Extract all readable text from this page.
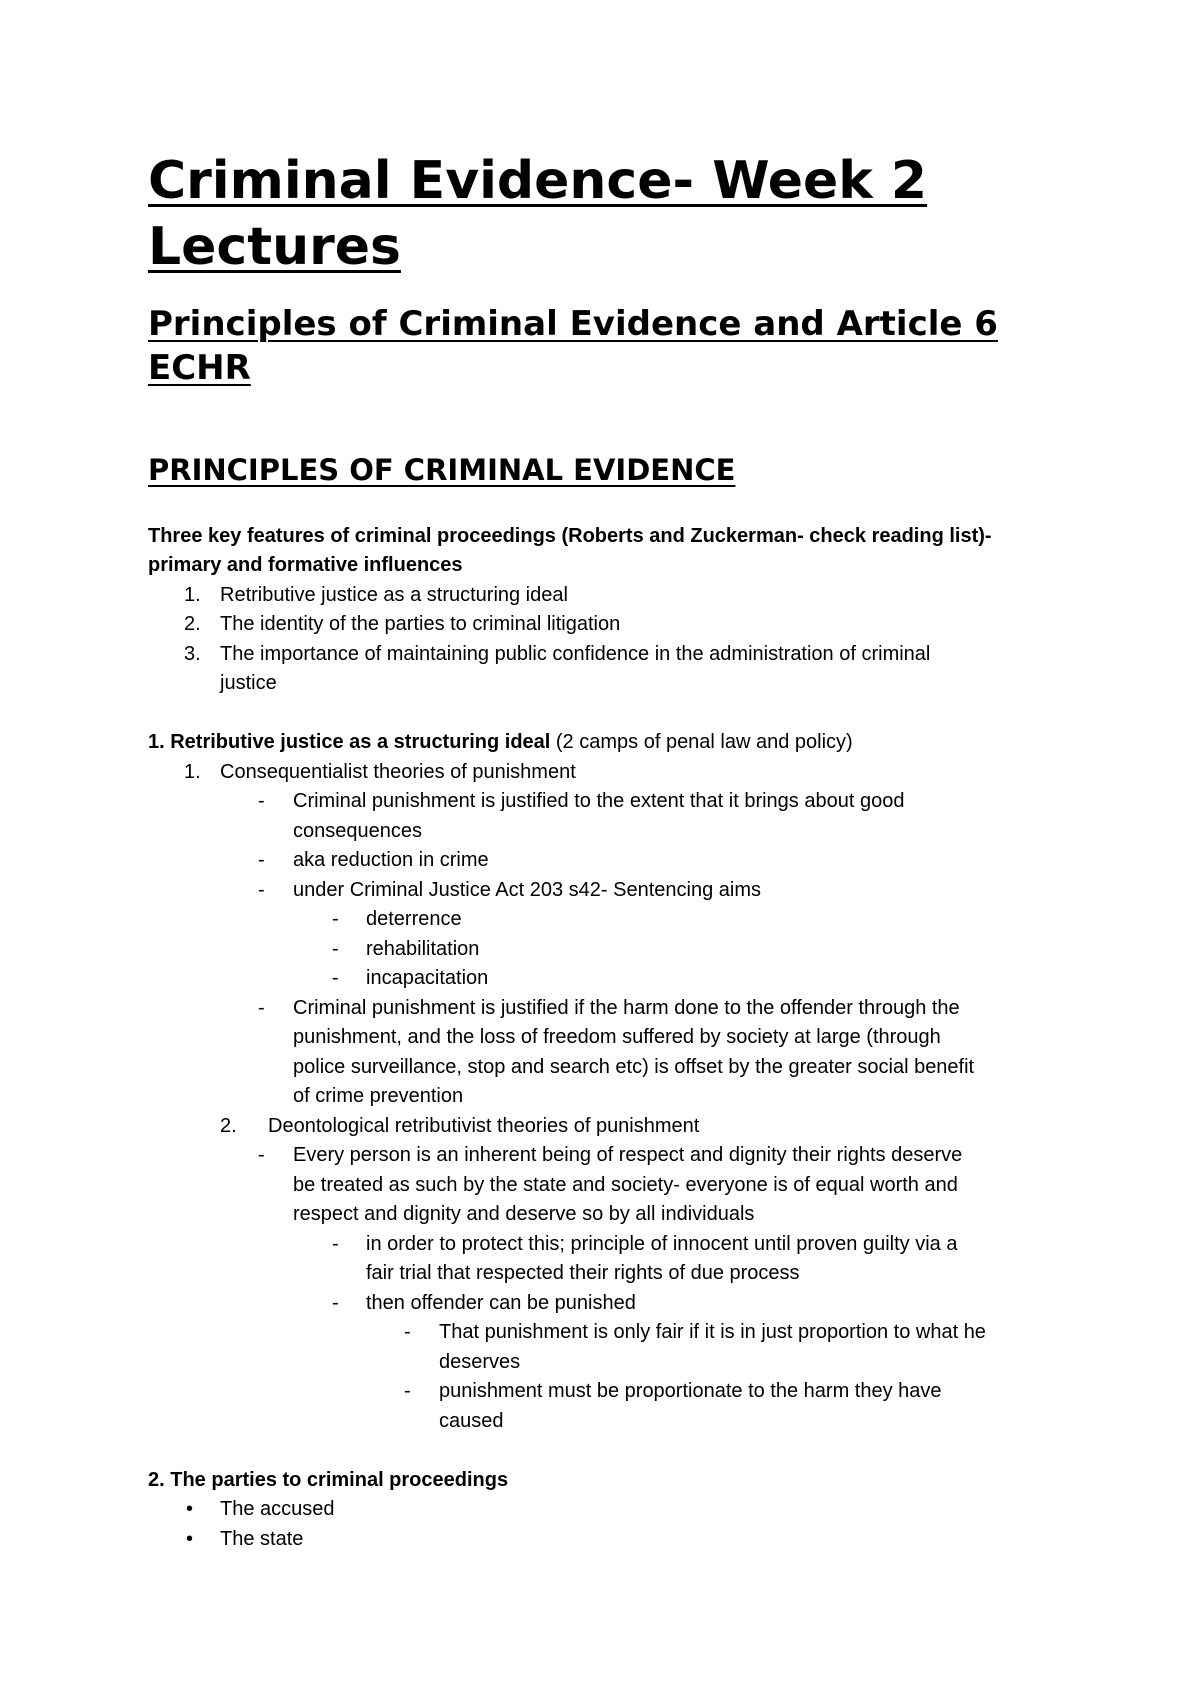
Criminal Evidence- Week 2 Lectures
Principles of Criminal Evidence and Article 6 ECHR
PRINCIPLES OF CRIMINAL EVIDENCE
Three key features of criminal proceedings (Roberts and Zuckerman- check reading list)-
primary and formative influences
1. Retributive justice as a structuring ideal
2. The identity of the parties to criminal litigation
3. The importance of maintaining public confidence in the administration of criminal
justice
1. Retributive justice as a structuring ideal (2 camps of penal law and policy)
1. Consequentialist theories of punishment
- Criminal punishment is justified to the extent that it brings about good
consequences
- aka reduction in crime
- under Criminal Justice Act 203 s42- Sentencing aims
- deterrence
- rehabilitation
- incapacitation
- Criminal punishment is justified if the harm done to the offender through the
punishment, and the loss of freedom suffered by society at large (through
police surveillance, stop and search etc) is offset by the greater social benefit
of crime prevention
2. Deontological retributivist theories of punishment
- Every person is an inherent being of respect and dignity their rights deserve
be treated as such by the state and society- everyone is of equal worth and
respect and dignity and deserve so by all individuals
- in order to protect this; principle of innocent until proven guilty via a
fair trial that respected their rights of due process
- then offender can be punished
- That punishment is only fair if it is in just proportion to what he
deserves
- punishment must be proportionate to the harm they have
caused
2. The parties to criminal proceedings
• The accused
• The state
